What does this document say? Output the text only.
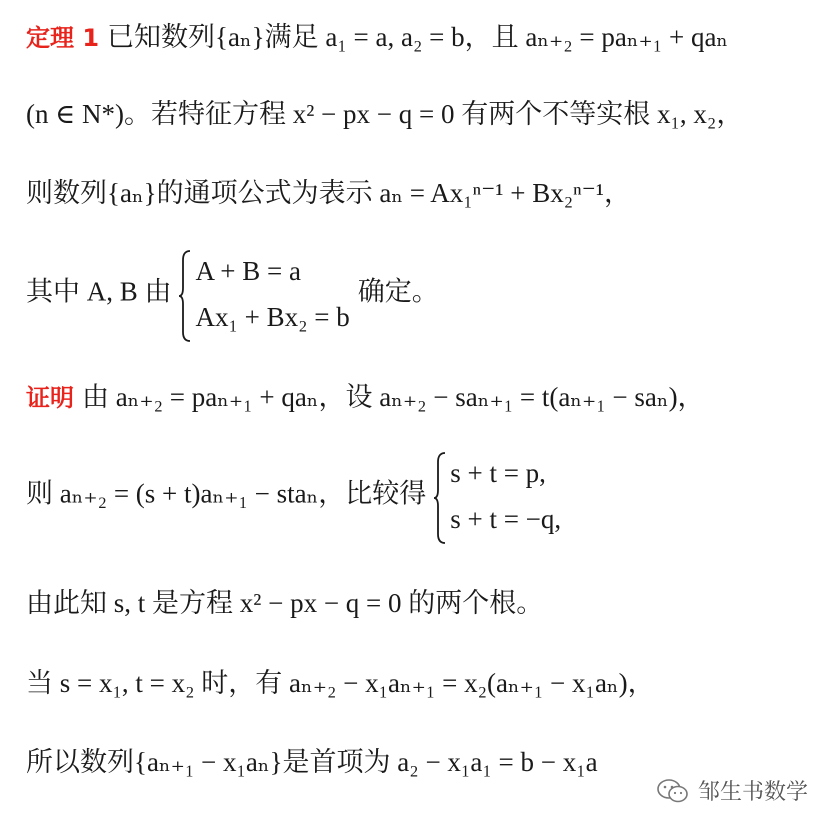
定理 1 已知数列{aₙ}满足 a₁ = a, a₂ = b，且 aₙ₊₂ = paₙ₊₁ + qaₙ
(n ∈ N*)。若特征方程 x² − px − q = 0 有两个不等实根 x₁, x₂，
则数列{aₙ}的通项公式为表示 aₙ = Ax₁ⁿ⁻¹ + Bx₂ⁿ⁻¹，
其中 A, B 由
A + B = a
Ax₁ + Bx₂ = b
确定。
证明 由 aₙ₊₂ = paₙ₊₁ + qaₙ，设 aₙ₊₂ − saₙ₊₁ = t(aₙ₊₁ − saₙ)，
则 aₙ₊₂ = (s + t)aₙ₊₁ − staₙ，比较得
s + t = p,
s + t = −q,
由此知 s, t 是方程 x² − px − q = 0 的两个根。
当 s = x₁, t = x₂ 时，有 aₙ₊₂ − x₁aₙ₊₁ = x₂(aₙ₊₁ − x₁aₙ)，
所以数列{aₙ₊₁ − x₁aₙ}是首项为 a₂ − x₁a₁ = b − x₁a
邹生书数学
